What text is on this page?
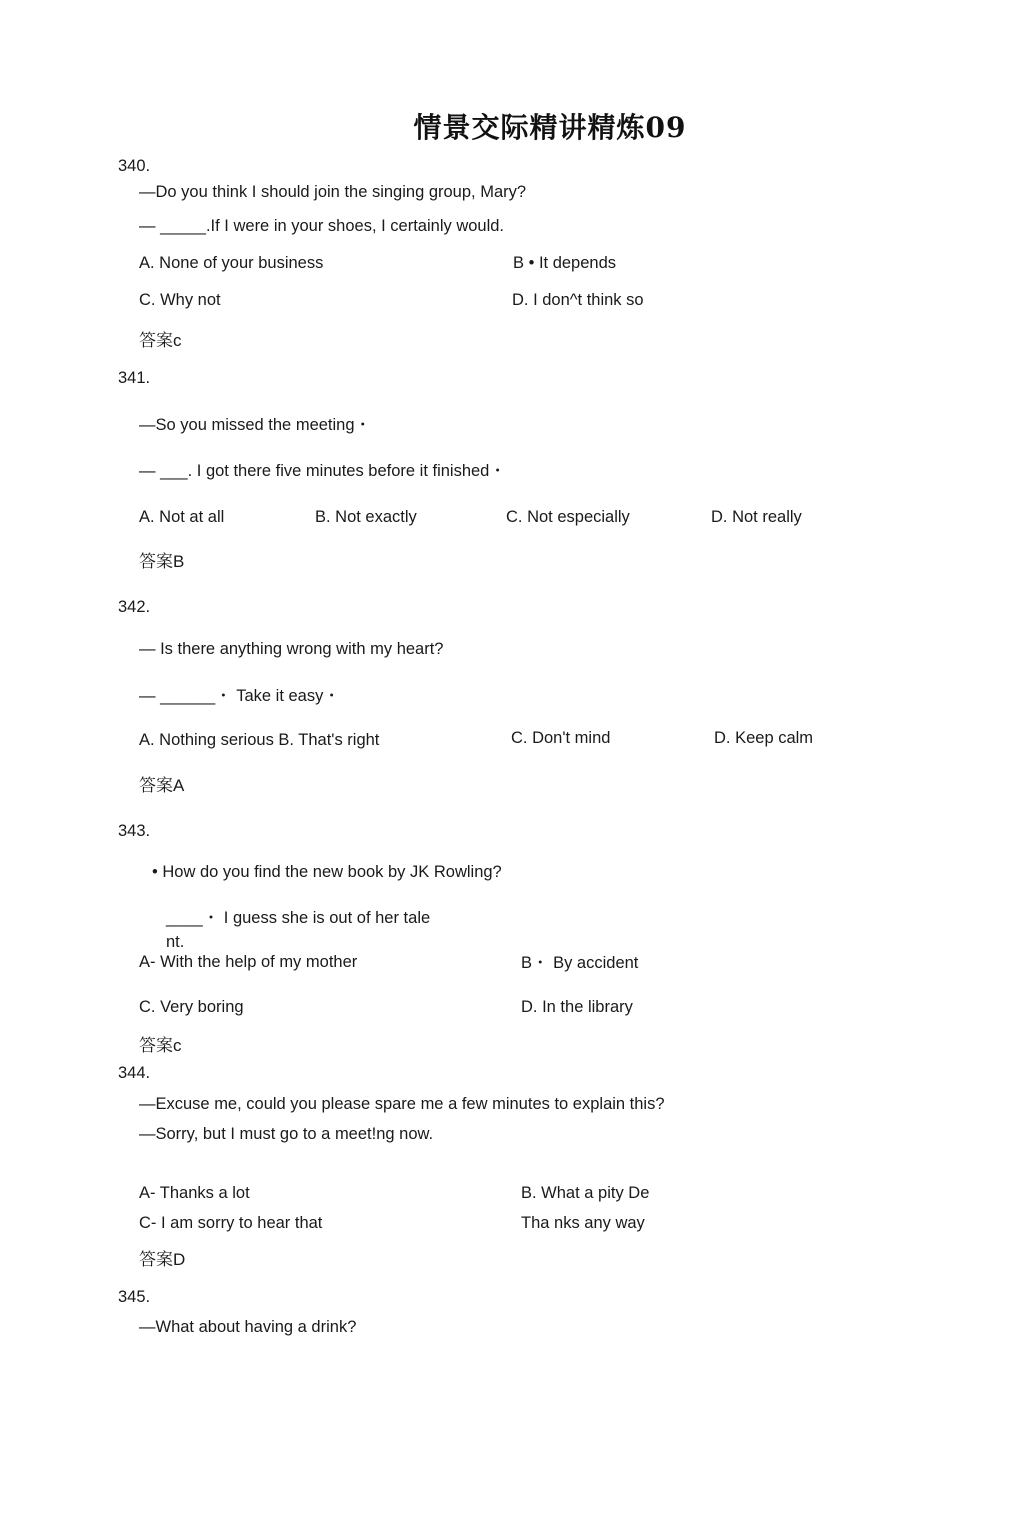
情景交际精讲精炼09
340.
—Do you think I should join the singing group, Mary?
— _____.If I were in your shoes, I certainly would.
A. None of your business	B • It depends
C. Why not	D. I don^t think so
答案c
341.
—So you missed the meeting・
— ___. I got there five minutes before it finished・
A. Not at all	B. Not exactly	C. Not especially	D. Not really
答案B
342.
— Is there anything wrong with my heart?
— ______・ Take it easy・
A. Nothing serious B. That's right	C. Don't mind	D. Keep calm
答案A
343.
• How do you find the new book by JK Rowling?
____・ I guess she is out of her tale
nt.
A- With the help of my mother	B・ By accident
C. Very boring	D. In the library
答案c
344.
—Excuse me, could you please spare me a few minutes to explain this?
—Sorry, but I must go to a meet!ng now.
A- Thanks a lot	B. What a pity De
C- I am sorry to hear that	Tha nks any way
答案D
345.
—What about having a drink?
